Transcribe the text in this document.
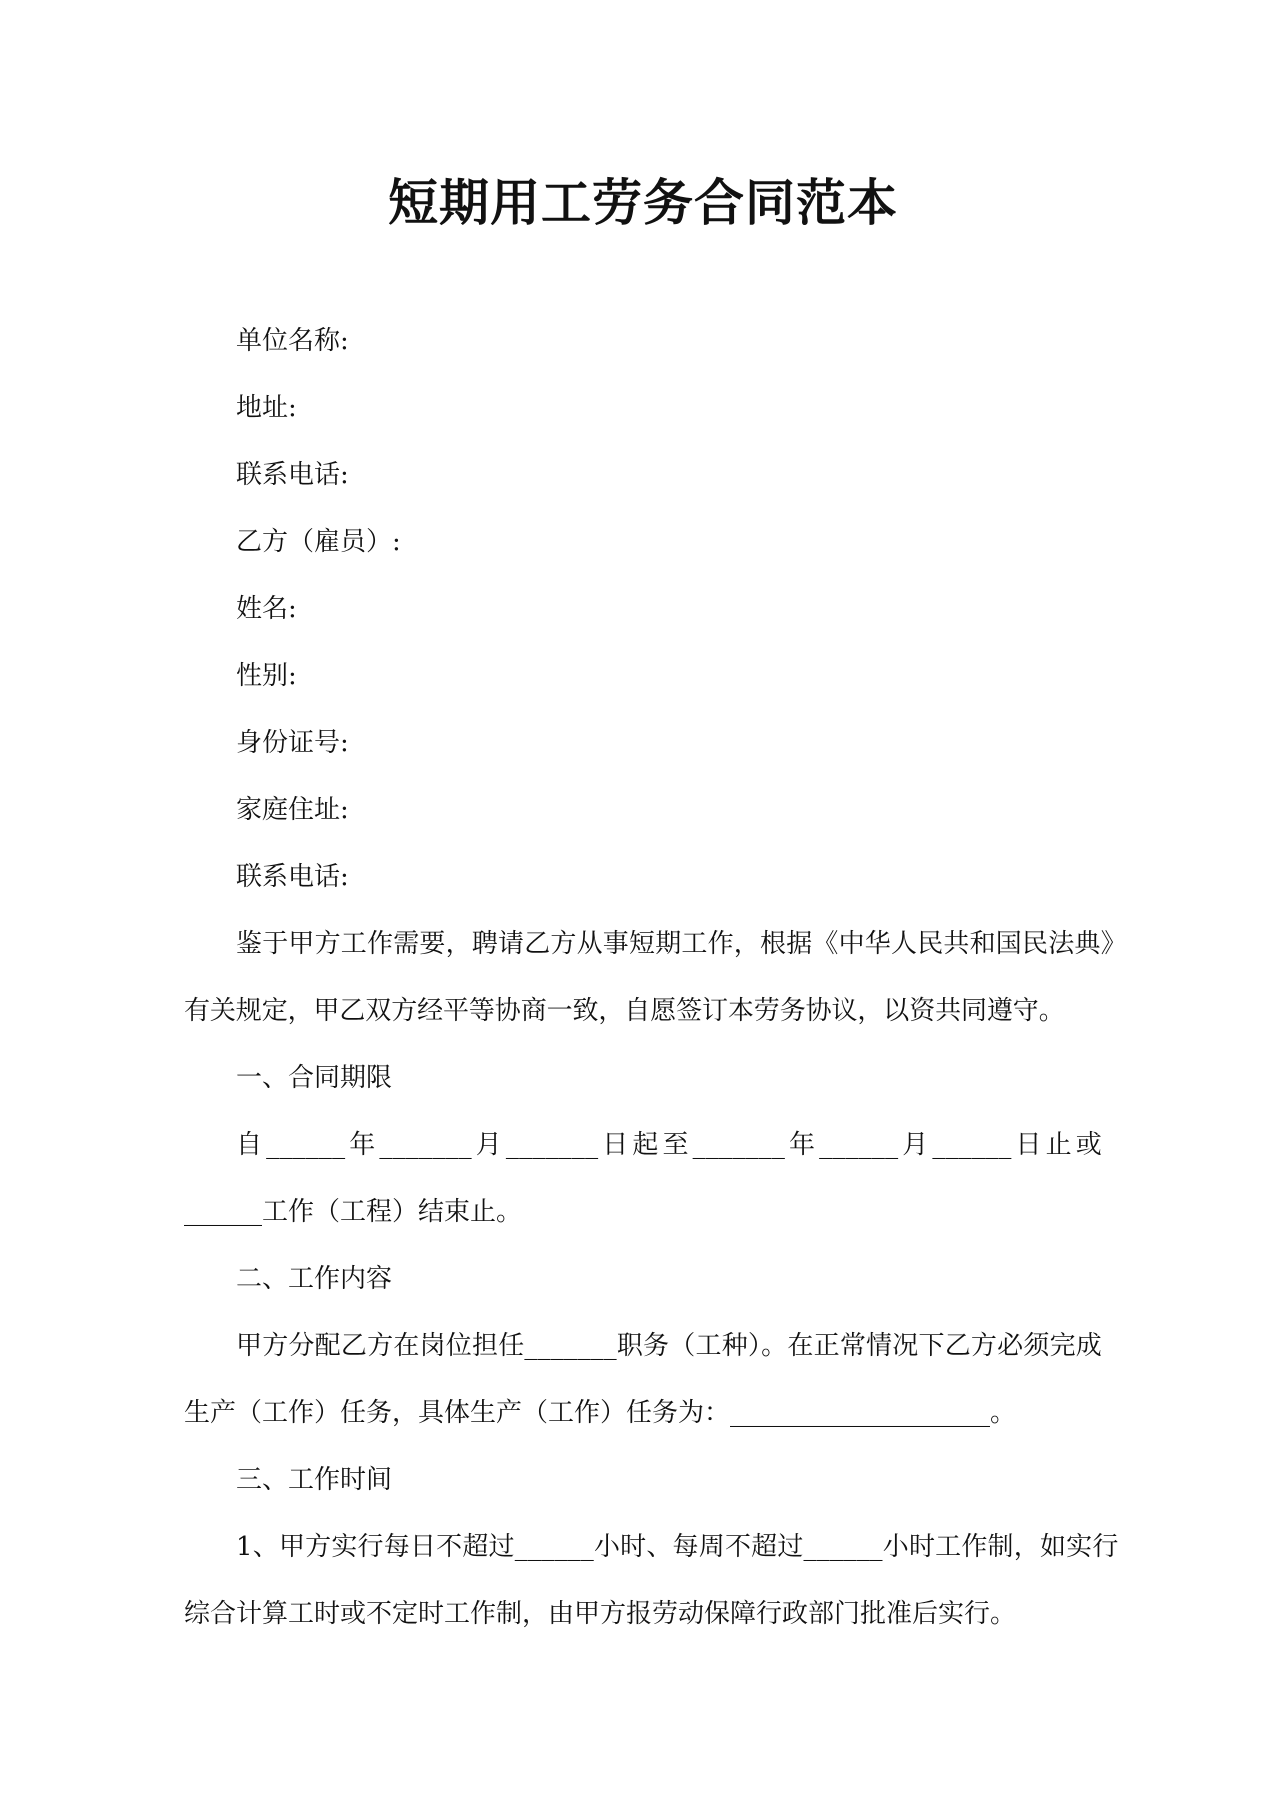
短期用工劳务合同范本

单位名称:

地址:

联系电话:

乙方（雇员）:

姓名:

性别:

身份证号:

家庭住址:

联系电话:

鉴于甲方工作需要，聘请乙方从事短期工作，根据《中华人民共和国民法典》

有关规定，甲乙双方经平等协商一致，自愿签订本劳务协议，以资共同遵守。

一、合同期限

自______年_______月_______日起至_______年______月______日止或

______工作（工程）结束止。

二、工作内容

甲方分配乙方在岗位担任_______职务（工种）。在正常情况下乙方必须完成

生产（工作）任务，具体生产（工作）任务为：____________________。

三、工作时间

1、甲方实行每日不超过______小时、每周不超过______小时工作制，如实行

综合计算工时或不定时工作制，由甲方报劳动保障行政部门批准后实行。
